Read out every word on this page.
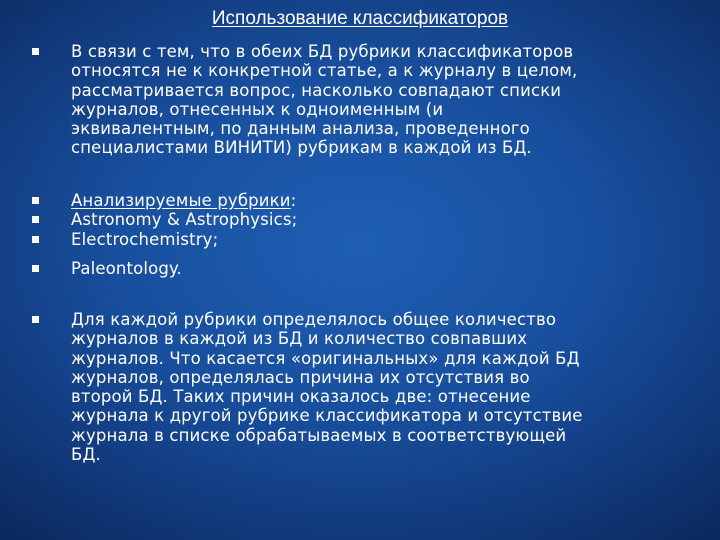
Использование классификаторов
В связи с тем, что в обеих БД рубрики классификаторов
относятся не к конкретной статье, а к журналу в целом,
рассматривается вопрос, насколько совпадают списки
журналов, отнесенных к одноименным (и
эквивалентным, по данным анализа, проведенного
специалистами ВИНИТИ) рубрикам в каждой из БД.
Анализируемые рубрики:
Astronomy & Astrophysics;
Electrochemistry;
Paleontology.
Для каждой рубрики определялось общее количество
журналов в каждой из БД и количество совпавших
журналов. Что касается «оригинальных» для каждой БД
журналов, определялась причина их отсутствия во
второй БД. Таких причин оказалось две: отнесение
журнала к другой рубрике классификатора и отсутствие
журнала в списке обрабатываемых в соответствующей
БД.
